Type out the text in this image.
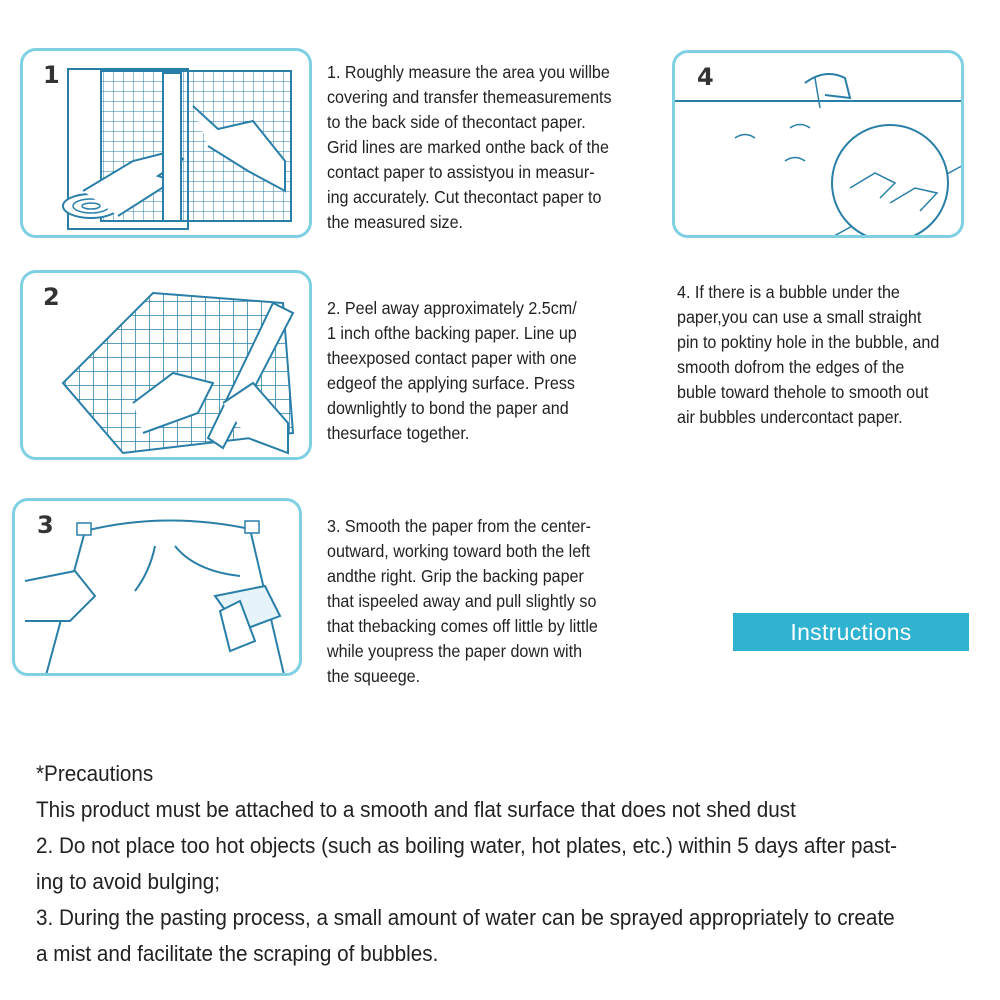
1	1. Roughly measure the area you willbe
covering and transfer themeasurements
to the back side of thecontact paper.
Grid lines are marked onthe back of the
contact paper to assistyou in measur-
ing accurately. Cut thecontact paper to
the measured size.
2	2. Peel away approximately 2.5cm/
1 inch ofthe backing paper. Line up
theexposed contact paper with one
edgeof the applying surface. Press
downlightly to bond the paper and
thesurface together.
3	3. Smooth the paper from the center-
outward, working toward both the left
andthe right. Grip the backing paper
that ispeeled away and pull slightly so
that thebacking comes off little by little
while youpress the paper down with
the squeege.
4
4. If there is a bubble under the
paper,you can use a small straight
pin to poktiny hole in the bubble, and
smooth dofrom the edges of the
buble toward thehole to smooth out
air bubbles undercontact paper.
Instructions
*Precautions
This product must be attached to a smooth and flat surface that does not shed dust
2. Do not place too hot objects (such as boiling water, hot plates, etc.) within 5 days after past-
ing to avoid bulging;
3. During the pasting process, a small amount of water can be sprayed appropriately to create
a mist and facilitate the scraping of bubbles.
